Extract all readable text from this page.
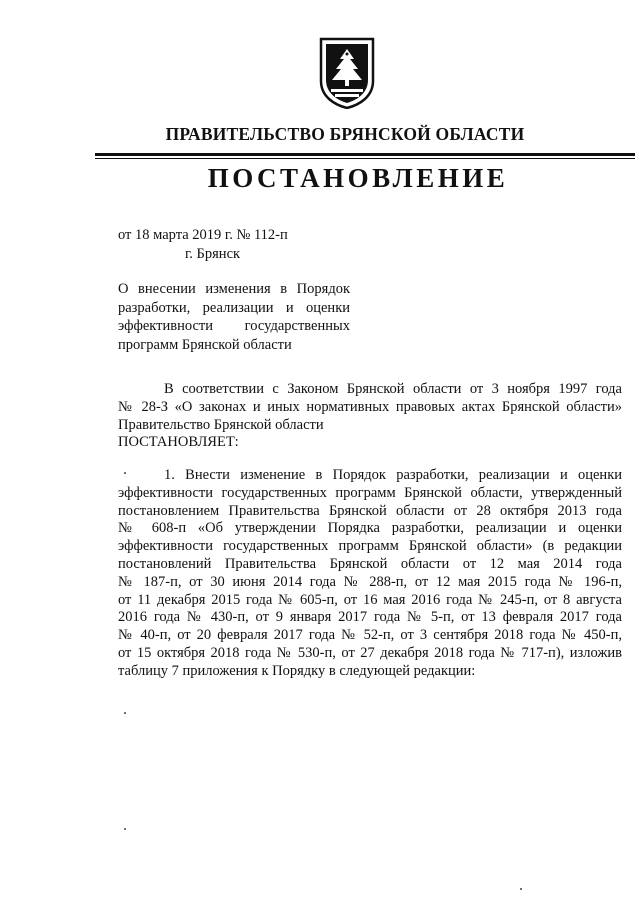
ПРАВИТЕЛЬСТВО БРЯНСКОЙ ОБЛАСТИ
ПОСТАНОВЛЕНИЕ
от 18 марта 2019 г. № 112-п
г. Брянск
О внесении изменения в Порядок
разработки, реализации и оценки
эффективности государственных
программ Брянской области
В соответствии с Законом Брянской области от 3 ноября 1997 года
№ 28-З «О законах и иных нормативных правовых актах Брянской области»
Правительство Брянской области
ПОСТАНОВЛЯЕТ:
1. Внести изменение в Порядок разработки, реализации и оценки
эффективности государственных программ Брянской области, утвержденный
постановлением Правительства Брянской области от 28 октября 2013 года
№ 608-п «Об утверждении Порядка разработки, реализации и оценки
эффективности государственных программ Брянской области» (в редакции
постановлений Правительства Брянской области от 12 мая 2014 года
№ 187-п, от 30 июня 2014 года № 288-п, от 12 мая 2015 года № 196-п,
от 11 декабря 2015 года № 605-п, от 16 мая 2016 года № 245-п, от 8 августа
2016 года № 430-п, от 9 января 2017 года № 5-п, от 13 февраля 2017 года
№ 40-п, от 20 февраля 2017 года № 52-п, от 3 сентября 2018 года № 450-п,
от 15 октября 2018 года № 530-п, от 27 декабря 2018 года № 717-п), изложив
таблицу 7 приложения к Порядку в следующей редакции:
